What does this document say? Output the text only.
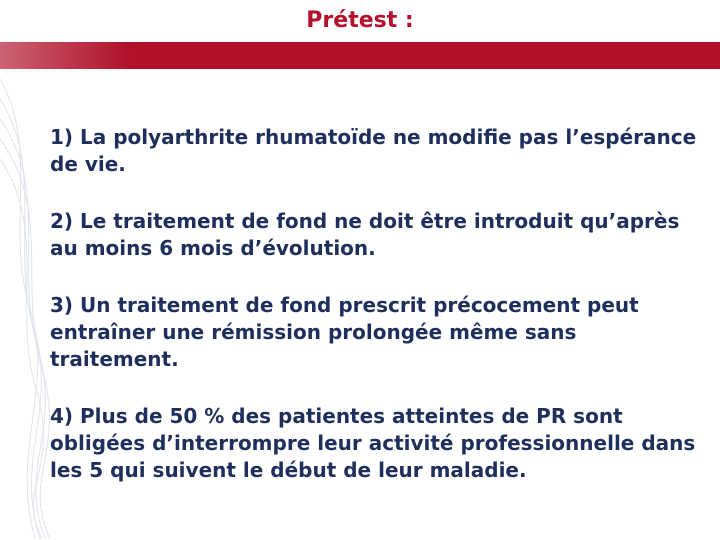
Prétest :

1) La polyarthrite rhumatoïde ne modifie pas l’espérance de vie.

2) Le traitement de fond ne doit être introduit qu’après au moins 6 mois d’évolution.

3) Un traitement de fond prescrit précocement peut entraîner une rémission prolongée même sans traitement.

4) Plus de 50 % des patientes atteintes de PR sont obligées d’interrompre leur activité professionnelle dans les 5 qui suivent le début de leur maladie.
